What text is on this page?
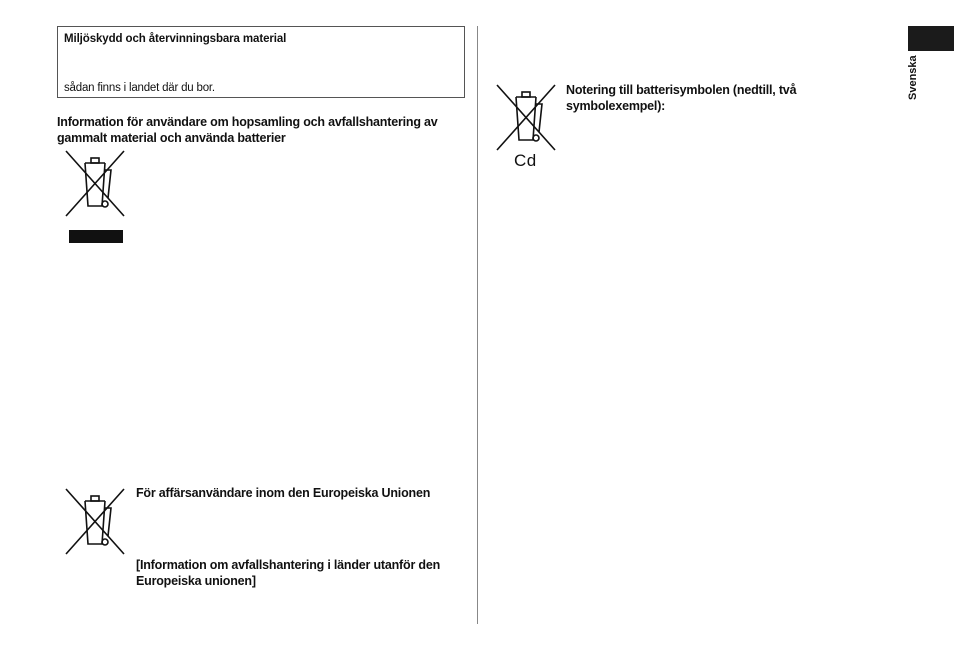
Svenska
Miljöskydd och återvinningsbara material
sådan finns i landet där du bor.
Information för användare om hopsamling och avfallshantering av gammalt material och använda batterier
För affärsanvändare inom den Europeiska Unionen
[Information om avfallshantering i länder utanför den Europeiska unionen]
Cd
Notering till batterisymbolen (nedtill, två symbolexempel):
